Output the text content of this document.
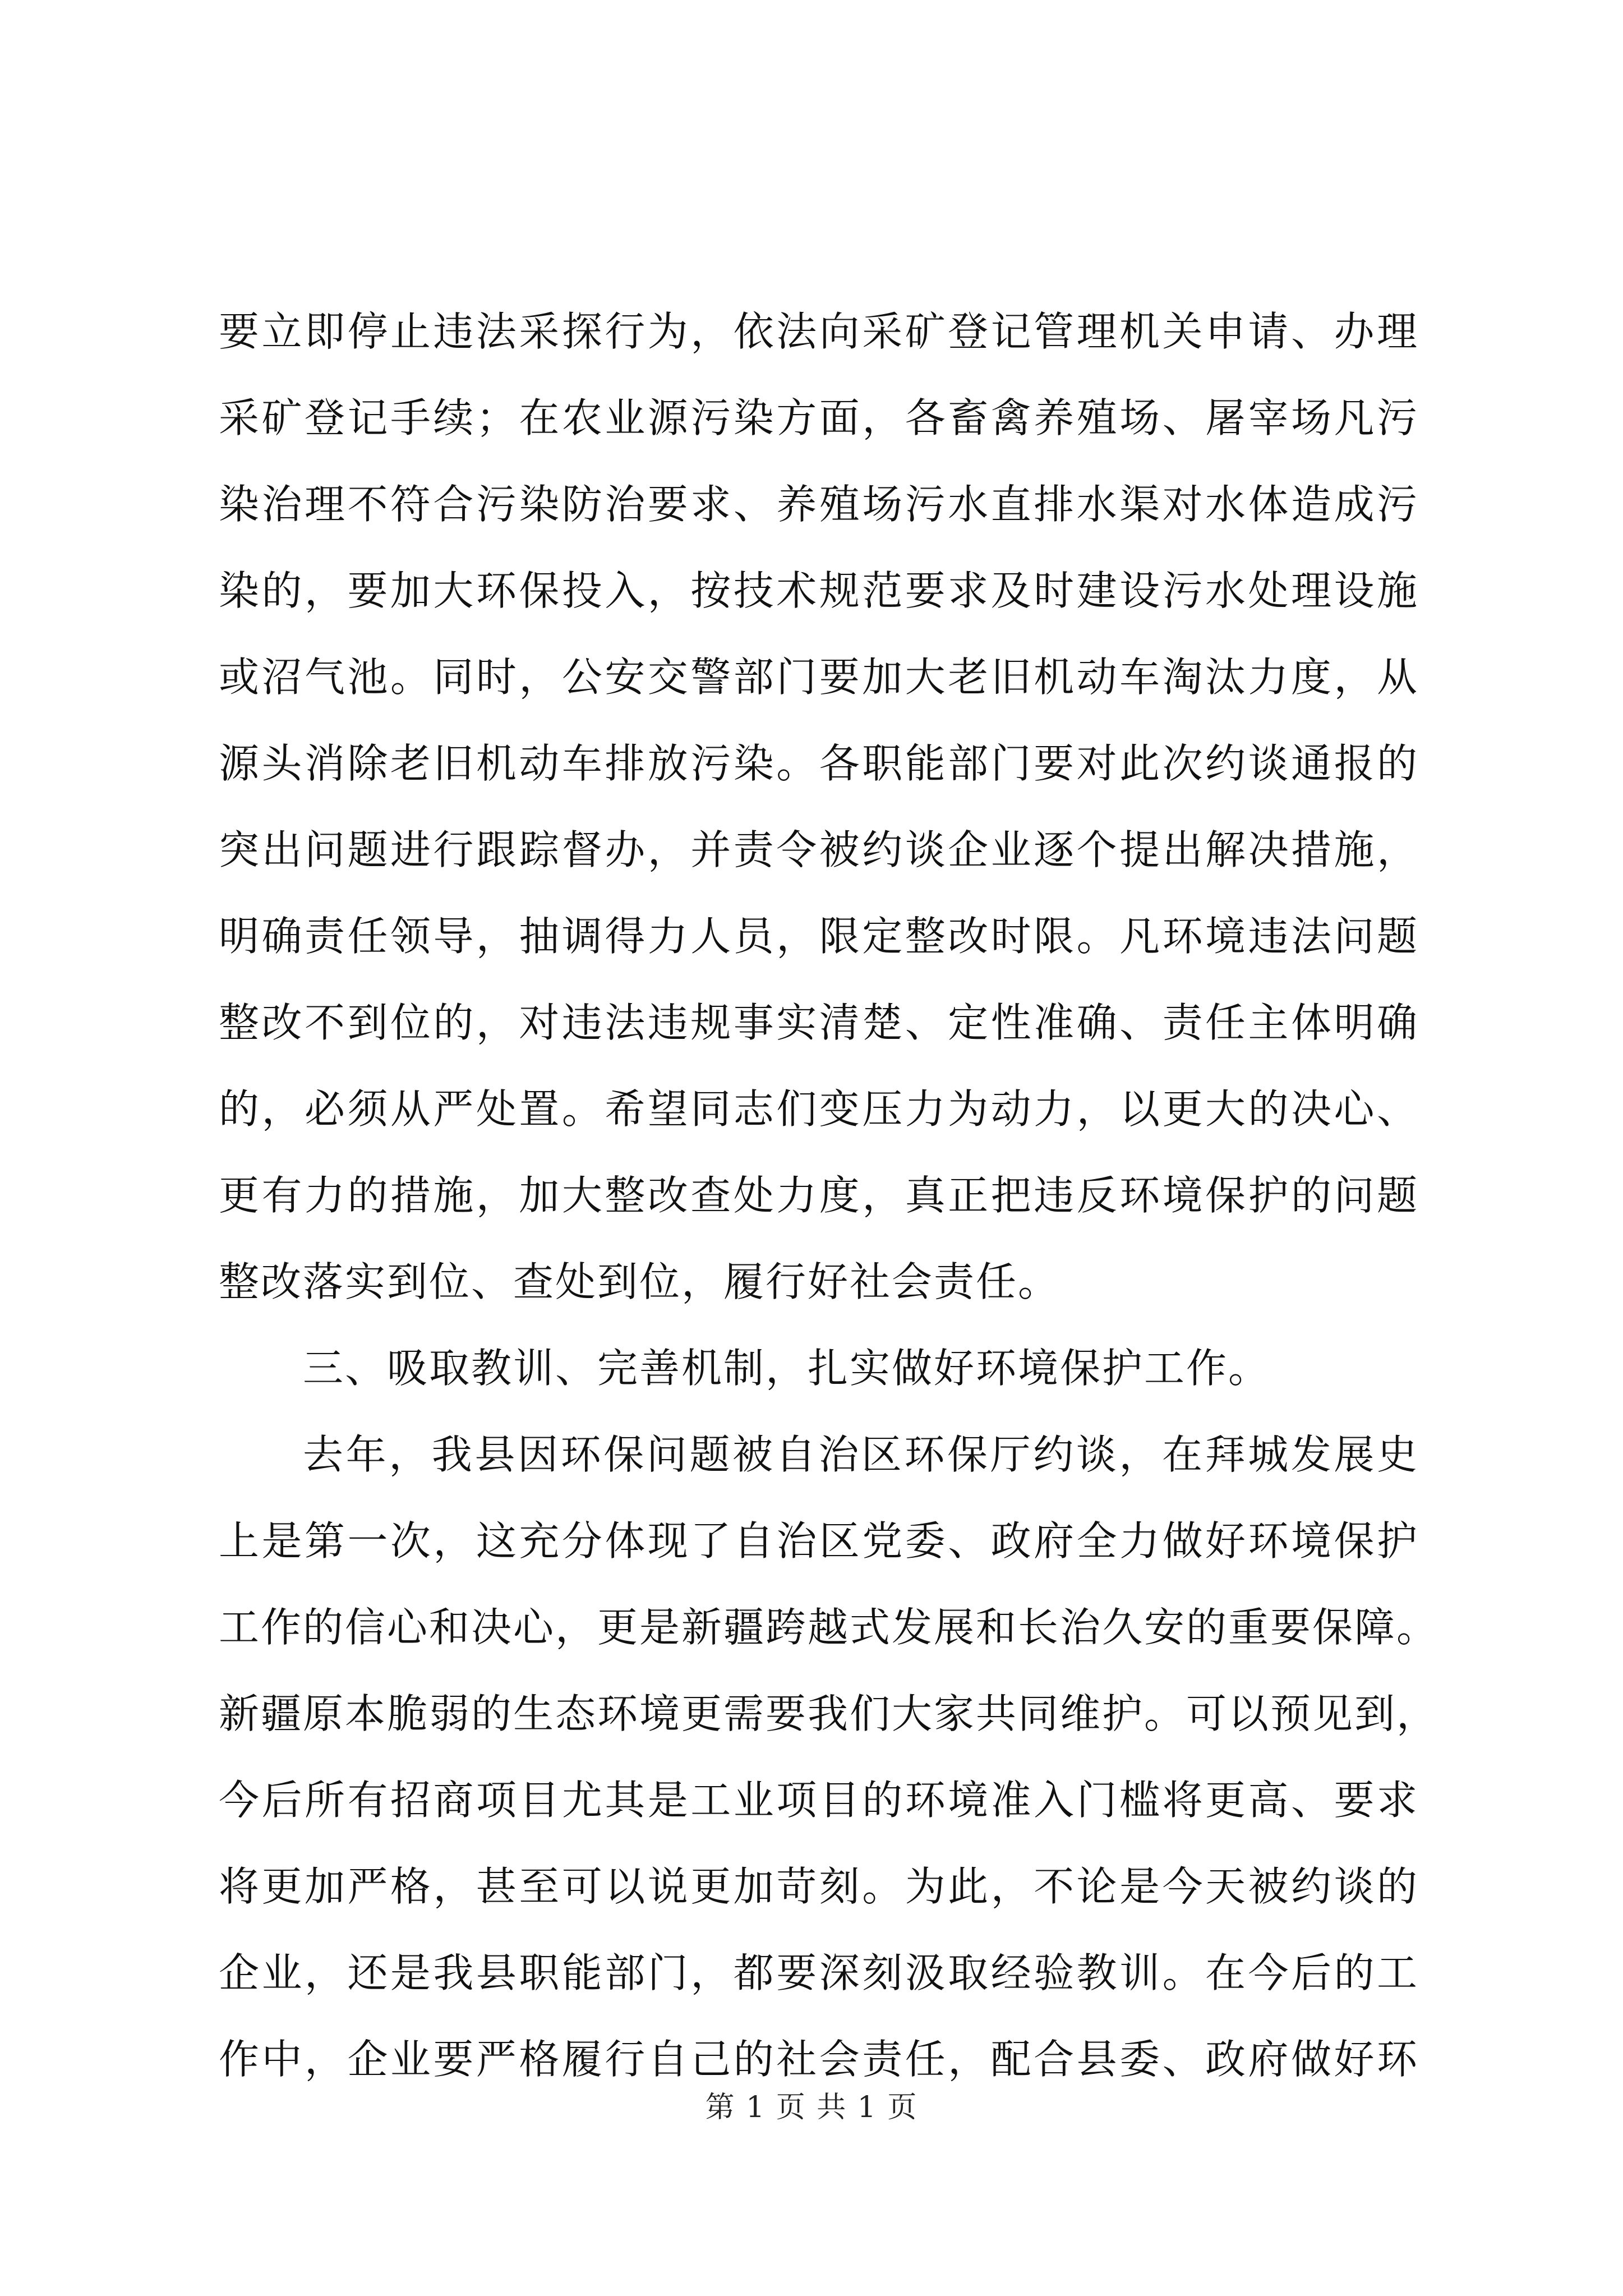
要立即停止违法采探行为，依法向采矿登记管理机关申请、办理
采矿登记手续；在农业源污染方面，各畜禽养殖场、屠宰场凡污
染治理不符合污染防治要求、养殖场污水直排水渠对水体造成污
染的，要加大环保投入，按技术规范要求及时建设污水处理设施
或沼气池。同时，公安交警部门要加大老旧机动车淘汰力度，从
源头消除老旧机动车排放污染。各职能部门要对此次约谈通报的
突出问题进行跟踪督办，并责令被约谈企业逐个提出解决措施，
明确责任领导，抽调得力人员，限定整改时限。凡环境违法问题
整改不到位的，对违法违规事实清楚、定性准确、责任主体明确
的，必须从严处置。希望同志们变压力为动力，以更大的决心、
更有力的措施，加大整改查处力度，真正把违反环境保护的问题
整改落实到位、查处到位，履行好社会责任。
三、吸取教训、完善机制，扎实做好环境保护工作。
去年，我县因环保问题被自治区环保厅约谈，在拜城发展史
上是第一次，这充分体现了自治区党委、政府全力做好环境保护
工作的信心和决心，更是新疆跨越式发展和长治久安的重要保障。
新疆原本脆弱的生态环境更需要我们大家共同维护。可以预见到，
今后所有招商项目尤其是工业项目的环境准入门槛将更高、要求
将更加严格，甚至可以说更加苛刻。为此，不论是今天被约谈的
企业，还是我县职能部门，都要深刻汲取经验教训。在今后的工
作中，企业要严格履行自己的社会责任，配合县委、政府做好环
第 1 页 共 1 页
